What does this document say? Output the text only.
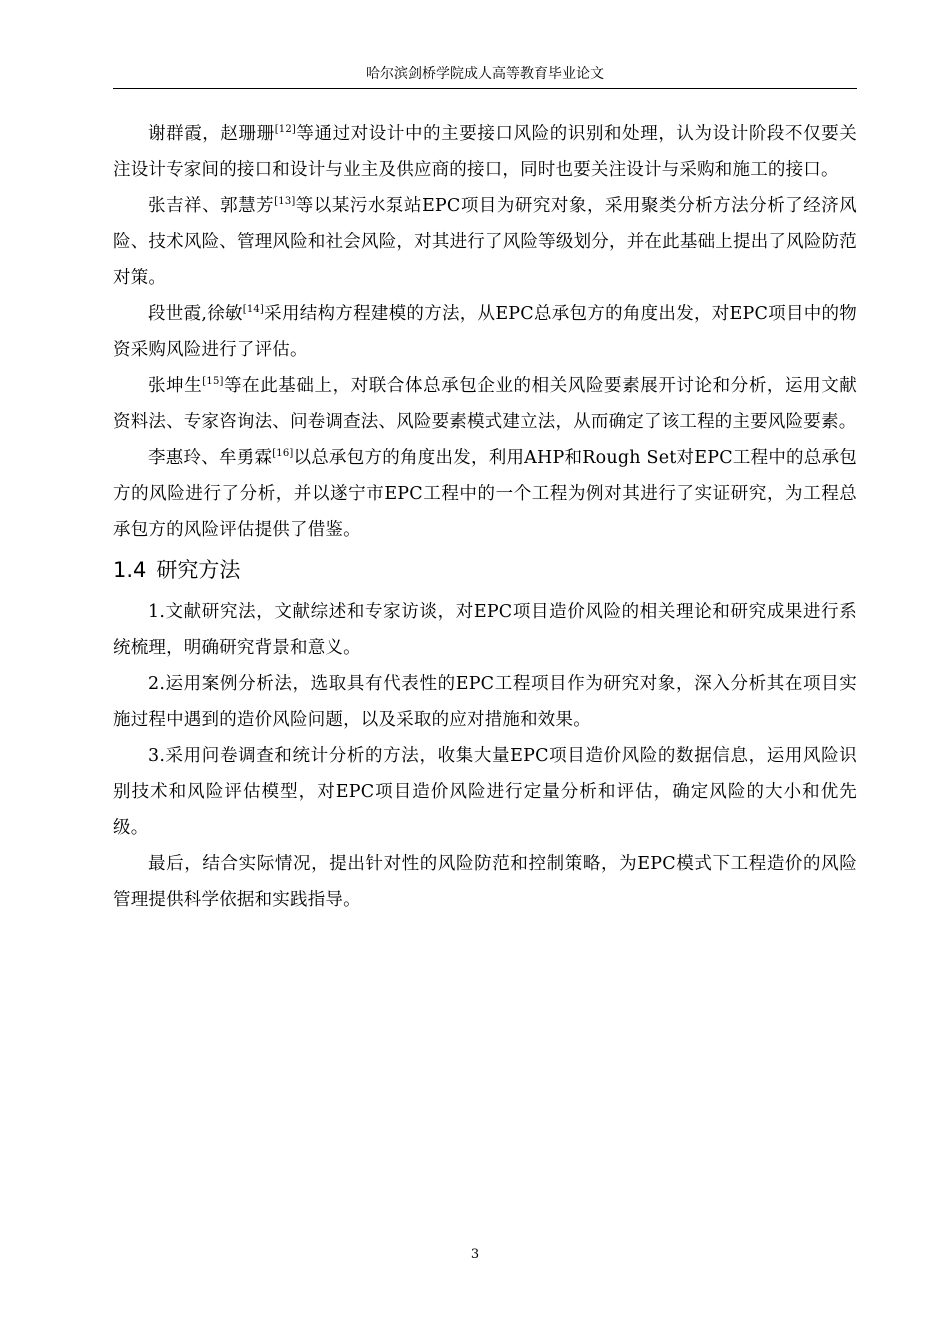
哈尔滨剑桥学院成人高等教育毕业论文

谢群霞，赵珊珊[12]等通过对设计中的主要接口风险的识别和处理，认为设计阶段不仅要关注设计专家间的接口和设计与业主及供应商的接口，同时也要关注设计与采购和施工的接口。

张吉祥、郭慧芳[13]等以某污水泵站EPC项目为研究对象，采用聚类分析方法分析了经济风险、技术风险、管理风险和社会风险，对其进行了风险等级划分，并在此基础上提出了风险防范对策。

段世霞,徐敏[14]采用结构方程建模的方法，从EPC总承包方的角度出发，对EPC项目中的物资采购风险进行了评估。

张坤生[15]等在此基础上，对联合体总承包企业的相关风险要素展开讨论和分析，运用文献资料法、专家咨询法、问卷调查法、风险要素模式建立法，从而确定了该工程的主要风险要素。

李惠玲、牟勇霖[16]以总承包方的角度出发，利用AHP和Rough Set对EPC工程中的总承包方的风险进行了分析，并以遂宁市EPC工程中的一个工程为例对其进行了实证研究，为工程总承包方的风险评估提供了借鉴。

1.4 研究方法

1.文献研究法，文献综述和专家访谈，对EPC项目造价风险的相关理论和研究成果进行系统梳理，明确研究背景和意义。

2.运用案例分析法，选取具有代表性的EPC工程项目作为研究对象，深入分析其在项目实施过程中遇到的造价风险问题，以及采取的应对措施和效果。

3.采用问卷调查和统计分析的方法，收集大量EPC项目造价风险的数据信息，运用风险识别技术和风险评估模型，对EPC项目造价风险进行定量分析和评估，确定风险的大小和优先级。

最后，结合实际情况，提出针对性的风险防范和控制策略，为EPC模式下工程造价的风险管理提供科学依据和实践指导。

3
